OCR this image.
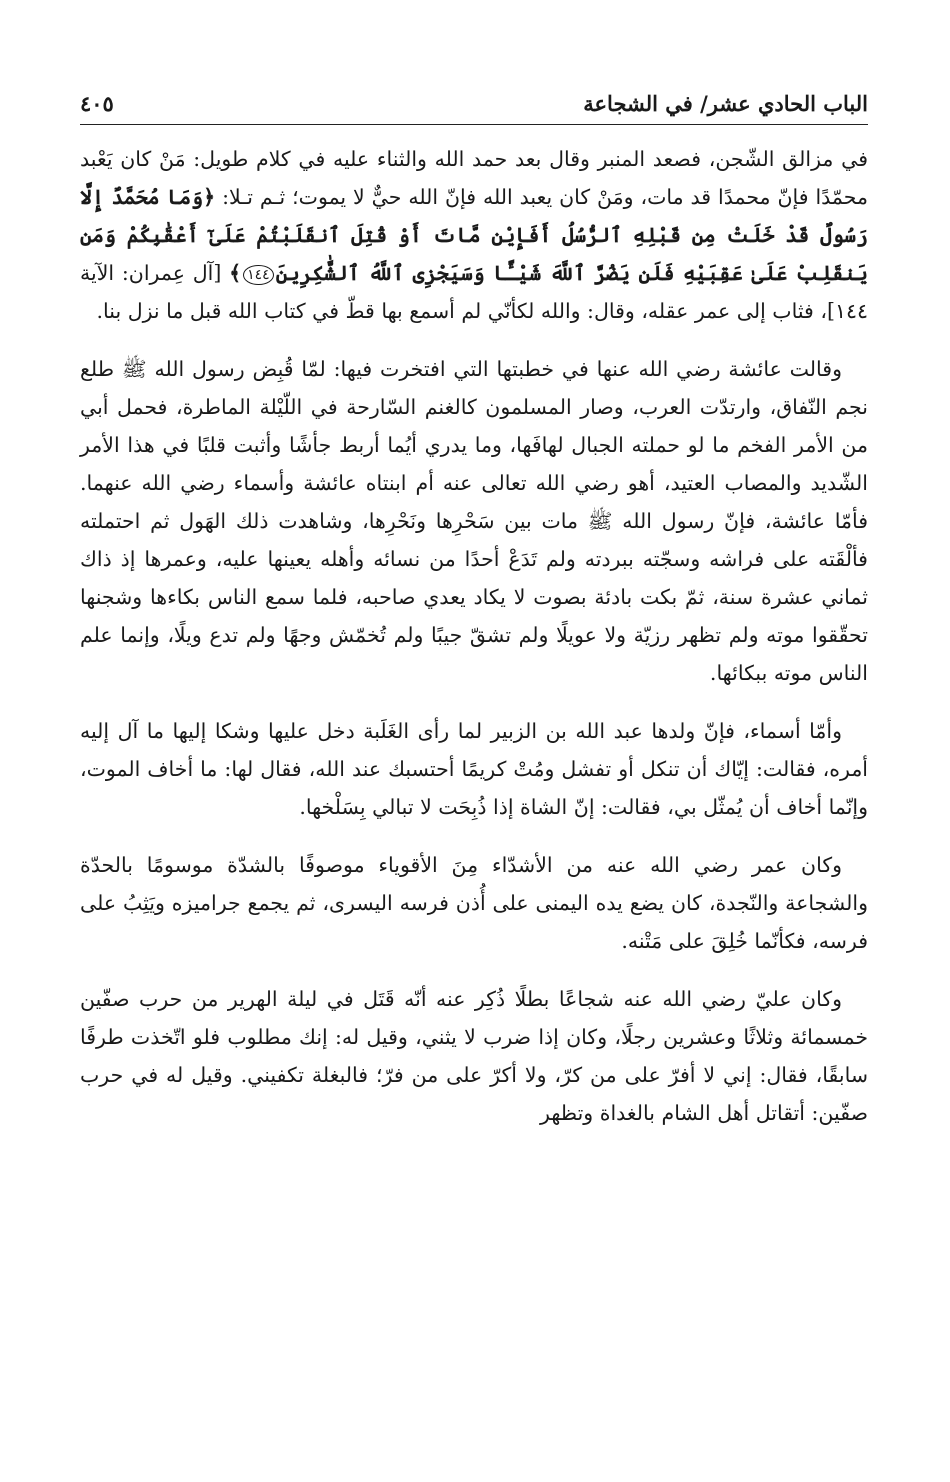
الباب الحادي عشر/ في الشجاعة
٤٠٥

في مزالق الشّجن، فصعد المنبر وقال بعد حمد الله والثناء عليه في كلام طويل: مَنْ كان يَعْبد محمّدًا فإنّ محمدًا قد مات، ومَنْ كان يعبد الله فإنّ الله حيٌّ لا يموت؛ ثـم تـلا: ﴿وَمَا مُحَمَّدٌ إِلَّا رَسُولٌ قَدْ خَلَتْ مِن قَبْلِهِ ٱلرُّسُلُ أَفَإِيْن مَّاتَ أَوْ قُتِلَ ٱنقَلَبْتُمْ عَلَىٰٓ أَعْقَٰبِكُمْ وَمَن يَنقَلِبْ عَلَىٰ عَقِبَيْهِ فَلَن يَضُرَّ ٱللَّهَ شَيْـًٔا وَسَيَجْزِى ٱللَّهُ ٱلشَّٰكِرِينَ١٤٤﴾ [آل عِمران: الآية ١٤٤]، فثاب إلى عمر عقله، وقال: والله لكأنّي لم أسمع بها قطّ في كتاب الله قبل ما نزل بنا.

وقالت عائشة رضي الله عنها في خطبتها التي افتخرت فيها: لمّا قُبِض رسول الله ﷺ طلع نجم النّفاق، وارتدّت العرب، وصار المسلمون كالغنم السّارحة في اللّيْلة الماطرة، فحمل أبي من الأمر الفخم ما لو حملته الجبال لهافَها، وما يدري أيُما أربط جأشًا وأثبت قلبًا في هذا الأمر الشّديد والمصاب العتيد، أهو رضي الله تعالى عنه أم ابنتاه عائشة وأسماء رضي الله عنهما. فأمّا عائشة، فإنّ رسول الله ﷺ مات بين سَحْرِها ونَحْرِها، وشاهدت ذلك الهَول ثم احتملته فألْقَته على فراشه وسجّته ببردته ولم تَدَعْ أحدًا من نسائه وأهله يعينها عليه، وعمرها إذ ذاك ثماني عشرة سنة، ثمّ بكت بادئة بصوت لا يكاد يعدي صاحبه، فلما سمع الناس بكاءها وشجنها تحقّقوا موته ولم تظهر رزيّة ولا عويلًا ولم تشقّ جيبًا ولم تُخمّش وجهًا ولم تدع ويلًا، وإنما علم الناس موته ببكائها.

وأمّا أسماء، فإنّ ولدها عبد الله بن الزبير لما رأى الغَلَبة دخل عليها وشكا إليها ما آل إليه أمره، فقالت: إيّاك أن تنكل أو تفشل ومُتْ كريمًا أحتسبك عند الله، فقال لها: ما أخاف الموت، وإنّما أخاف أن يُمثّل بي، فقالت: إنّ الشاة إذا ذُبِحَت لا تبالي بِسَلْخها.

وكان عمر رضي الله عنه من الأشدّاء مِنَ الأقوياء موصوفًا بالشدّة موسومًا بالحدّة والشجاعة والنّجدة، كان يضع يده اليمنى على أُذن فرسه اليسرى، ثم يجمع جراميزه ويَثِبُ على فرسه، فكأنّما خُلِقَ على مَتْنه.

وكان عليّ رضي الله عنه شجاعًا بطلًا ذُكِر عنه أنّه قَتَل في ليلة الهرير من حرب صفّين خمسمائة وثلاثًا وعشرين رجلًا، وكان إذا ضرب لا يثني، وقيل له: إنك مطلوب فلو اتّخذت طرفًا سابقًا، فقال: إني لا أفرّ على من كرّ، ولا أكرّ على من فرّ؛ فالبغلة تكفيني. وقيل له في حرب صفّين: أتقاتل أهل الشام بالغداة وتظهر
